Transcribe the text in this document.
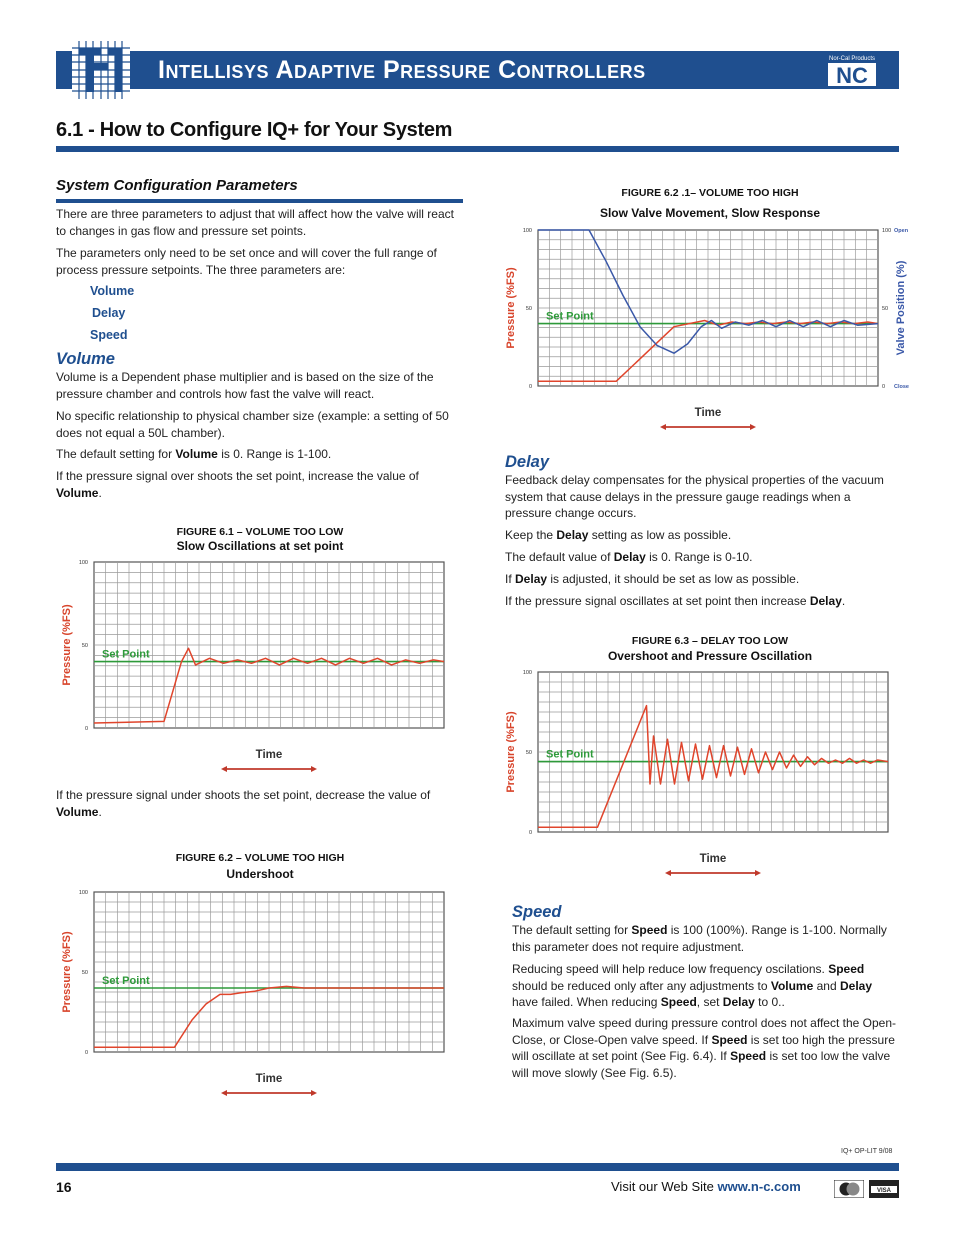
Intellisys Adaptive Pressure Controllers	Nor-Cal Products
NC
6.1 - How to Configure IQ+ for Your System
System Configuration Parameters

There are three parameters to adjust that will affect how the valve will react to changes in gas flow and pressure set points.

The parameters only need to be set once and will cover the full range of process pressure setpoints. The three parameters are:

Volume
Delay
Speed
Volume

Volume is a Dependent phase multiplier and is based on the size of the pressure chamber and controls how fast the valve will react.

No specific relationship to physical chamber size (example: a setting of 50 does not equal a 50L chamber).

The default setting for Volume is 0. Range is 1-100.

If the pressure signal over shoots the set point, increase the value of Volume.

FIGURE 6.1 – VOLUME TOO LOW
Slow Oscillations at set point
100
50
0
Pressure (%FS)	Set Point
Time

If the pressure signal under shoots the set point, decrease the value of Volume.

FIGURE 6.2 – VOLUME TOO HIGH
Undershoot
100
50
0
Pressure (%FS)	Set Point
Time
FIGURE 6.2 .1– VOLUME TOO HIGH
Slow Valve Movement, Slow Response
100
50
0
Pressure (%FS)	Set Point
100
50
0
Open
Close
Valve Position (%)
Time
Delay

Feedback delay compensates for the physical properties of the vacuum system that cause delays in the pressure gauge readings when a pressure change occurs.

Keep the Delay setting as low as possible.

The default value of Delay is 0. Range is 0-10.

If Delay is adjusted, it should be set as low as possible.

If the pressure signal oscillates at set point then increase Delay.

FIGURE 6.3 – DELAY TOO LOW
Overshoot and Pressure Oscillation
100
50
0
Pressure (%FS)	Set Point
Time
Speed

The default setting for Speed is 100 (100%). Range is 1-100. Normally this parameter does not require adjustment.

Reducing speed will help reduce low frequency oscilations. Speed should be reduced only after any adjustments to Volume and Delay have failed. When reducing Speed, set Delay to 0..

Maximum valve speed during pressure control does not affect the Open-Close, or Close-Open valve speed. If Speed is set too high the pressure will oscillate at set point (See Fig. 6.4). If Speed is set too low the valve will move slowly (See Fig. 6.5).

IQ+ OP-LIT 9/08
16	Visit our Web Site www.n-c.com	VISA
